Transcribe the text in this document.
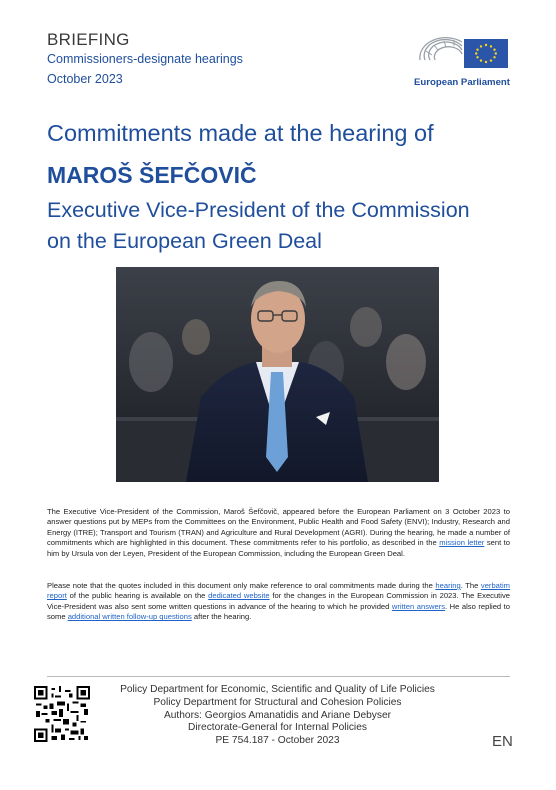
BRIEFING
Commissioners-designate hearings
October 2023	European Parliament
Commitments made at the hearing of
MAROŠ ŠEFČOVIČ
Executive Vice-President of the Commission
on the European Green Deal
The Executive Vice-President of the Commission, Maroš Šefčovič, appeared before the European Parliament on 3 October 2023 to answer questions put by MEPs from the Committees on the Environment, Public Health and Food Safety (ENVI); Industry, Research and Energy (ITRE); Transport and Tourism (TRAN) and Agriculture and Rural Development (AGRI). During the hearing, he made a number of commitments which are highlighted in this document. These commitments refer to his portfolio, as described in the mission letter sent to him by Ursula von der Leyen, President of the European Commission, including the European Green Deal.
Please note that the quotes included in this document only make reference to oral commitments made during the hearing. The verbatim report of the public hearing is available on the dedicated website for the changes in the European Commission in 2023. The Executive Vice-President was also sent some written questions in advance of the hearing to which he provided written answers. He also replied to some additional written follow-up questions after the hearing.
Policy Department for Economic, Scientific and Quality of Life Policies
Policy Department for Structural and Cohesion Policies
Authors: Georgios Amanatidis and Ariane Debyser
Directorate-General for Internal Policies
PE 754.187 - October 2023	EN
